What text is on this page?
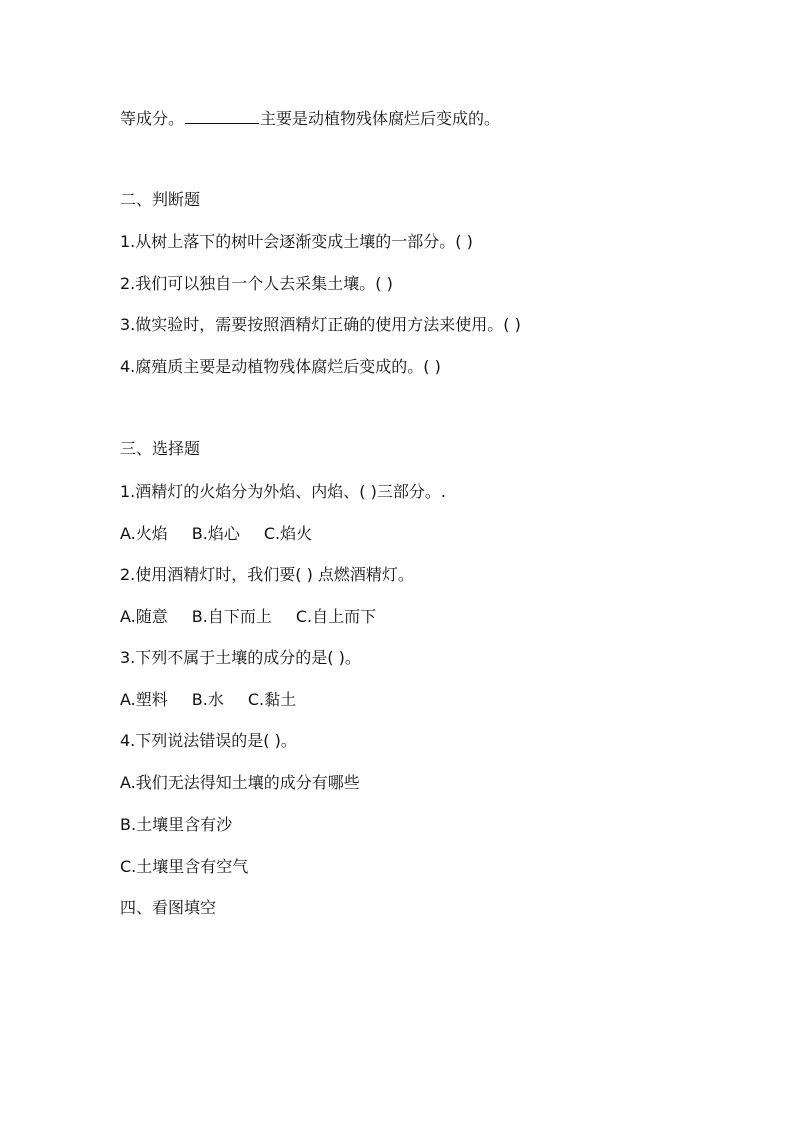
等成分。	主要是动植物残体腐烂后变成的。
二、判断题
1.从树上落下的树叶会逐渐变成土壤的一部分。( )
2.我们可以独自一个人去采集土壤。( )
3.做实验时，需要按照酒精灯正确的使用方法来使用。( )
4.腐殖质主要是动植物残体腐烂后变成的。( )
三、选择题
1.酒精灯的火焰分为外焰、内焰、( )三部分。.
A.火焰 B.焰心 C.焰火
2.使用酒精灯时，我们要( ) 点燃酒精灯。
A.随意 B.自下而上 C.自上而下
3.下列不属于土壤的成分的是( )。
A.塑料 B.水 C.黏土
4.下列说法错误的是( )。
A.我们无法得知土壤的成分有哪些
B.土壤里含有沙
C.土壤里含有空气
四、看图填空
